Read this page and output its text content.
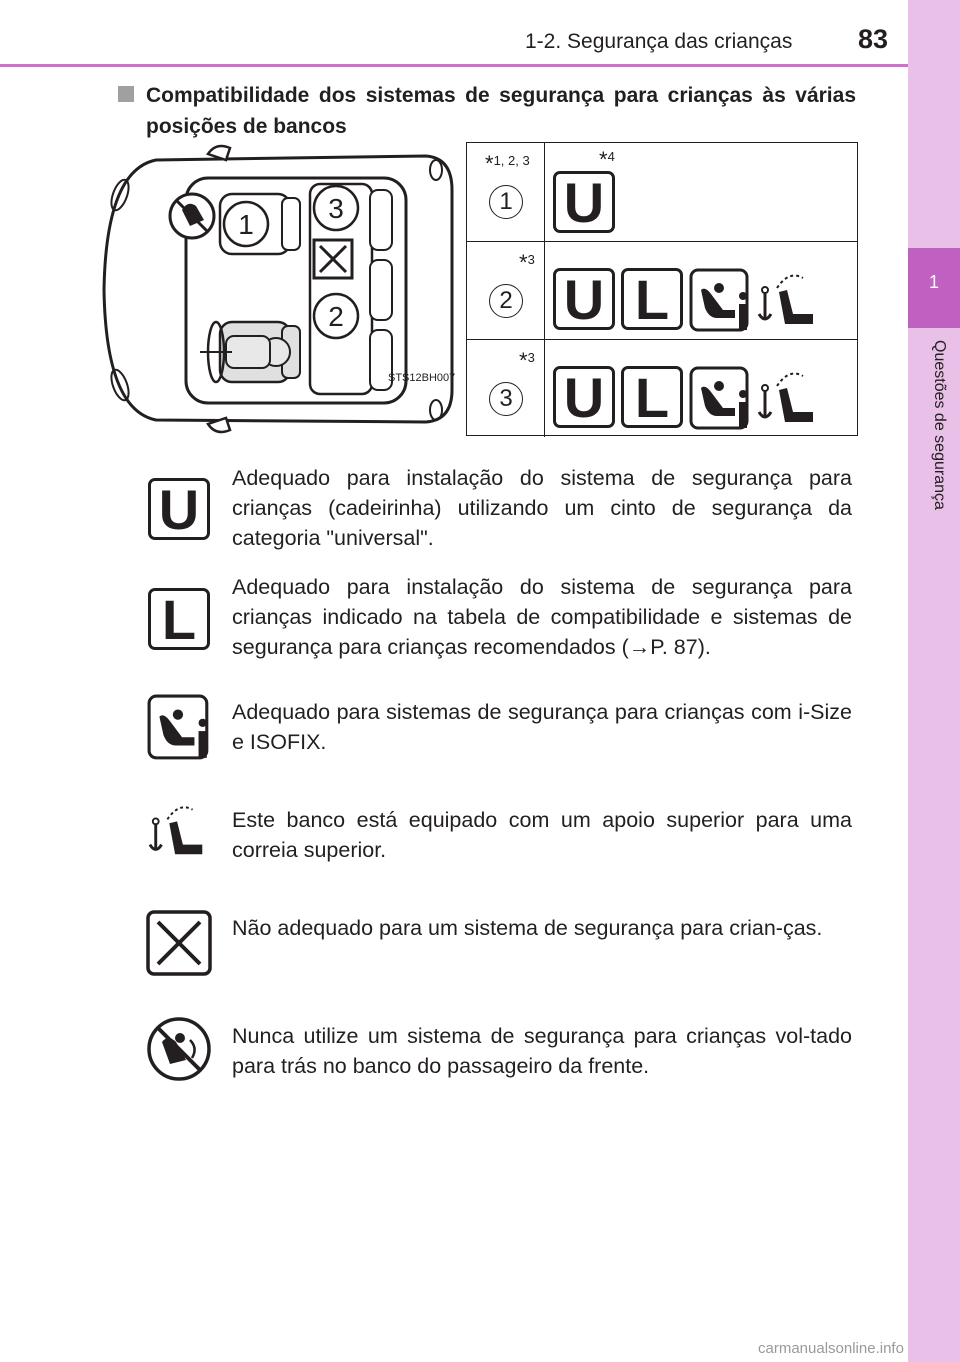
1-2. Segurança das crianças 83
1
Questões de segurança
Compatibilidade dos sistemas de segurança para crianças às várias posições de bancos
1
3
2
STS12BH007
*1, 2, 3
1
*4
U
*3
2 U L
*3
3 U L
U	Adequado para instalação do sistema de segurança para crianças (cadeirinha) utilizando um cinto de segurança da categoria "universal".
L
Adequado para instalação do sistema de segurança para crianças indicado na tabela de compatibilidade e sistemas de segurança para crianças recomendados (→P. 87).
Adequado para sistemas de segurança para crianças com i-Size e ISOFIX.
Este banco está equipado com um apoio superior para uma correia superior.
Não adequado para um sistema de segurança para crian-ças.
Nunca utilize um sistema de segurança para crianças vol-tado para trás no banco do passageiro da frente.
carmanualsonline.info
